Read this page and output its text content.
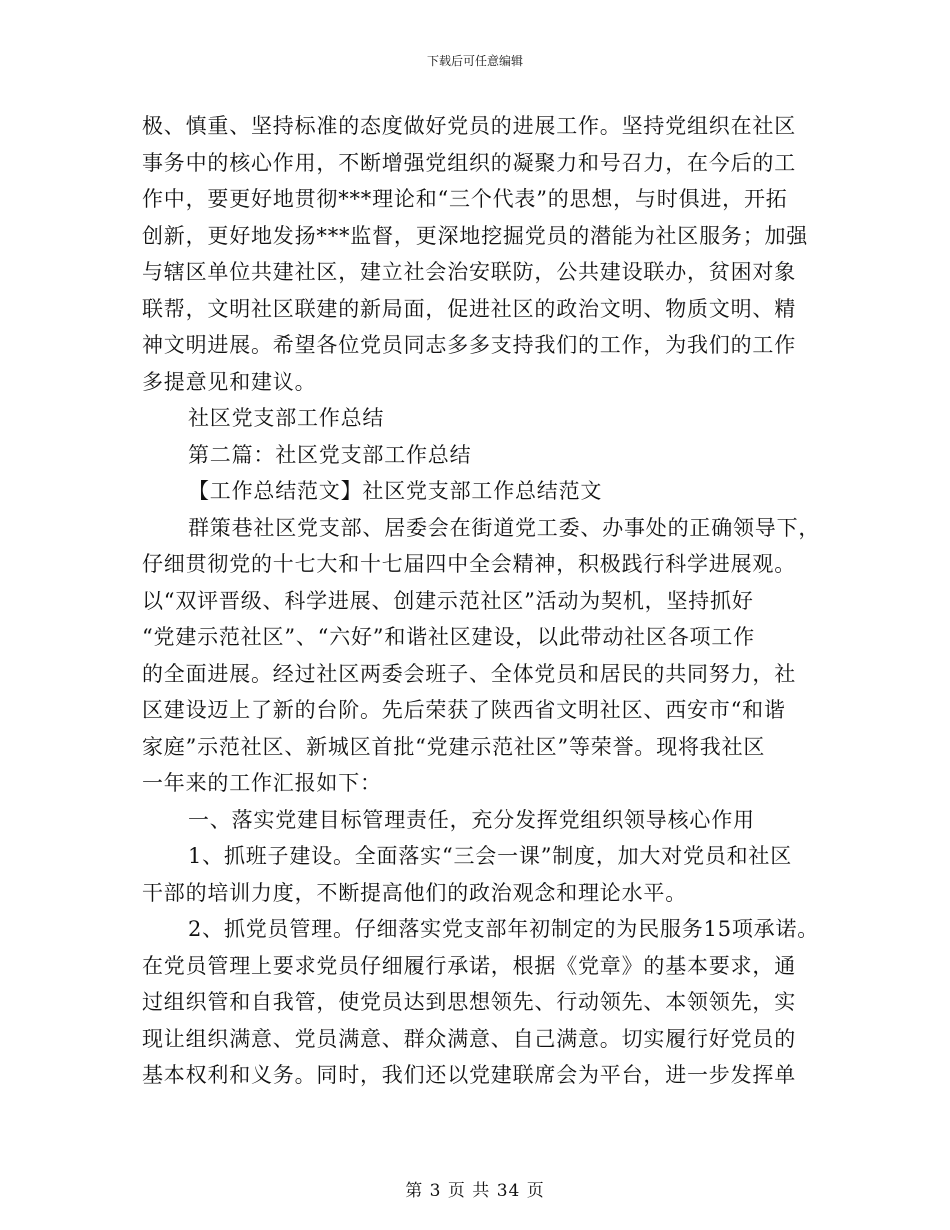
下载后可任意编辑
极、慎重、坚持标准的态度做好党员的进展工作。坚持党组织在社区
事务中的核心作用，不断增强党组织的凝聚力和号召力，在今后的工
作中，要更好地贯彻***理论和“三个代表”的思想，与时俱进，开拓
创新，更好地发扬***监督，更深地挖掘党员的潜能为社区服务；加强
与辖区单位共建社区，建立社会治安联防，公共建设联办，贫困对象
联帮，文明社区联建的新局面，促进社区的政治文明、物质文明、精
神文明进展。希望各位党员同志多多支持我们的工作，为我们的工作
多提意见和建议。
社区党支部工作总结
第二篇：社区党支部工作总结
【工作总结范文】社区党支部工作总结范文
群策巷社区党支部、居委会在街道党工委、办事处的正确领导下，
仔细贯彻党的十七大和十七届四中全会精神，积极践行科学进展观。
以“双评晋级、科学进展、创建示范社区”活动为契机，坚持抓好
“党建示范社区”、“六好”和谐社区建设，以此带动社区各项工作
的全面进展。经过社区两委会班子、全体党员和居民的共同努力，社
区建设迈上了新的台阶。先后荣获了陕西省文明社区、西安市“和谐
家庭”示范社区、新城区首批“党建示范社区”等荣誉。现将我社区
一年来的工作汇报如下：
一、落实党建目标管理责任，充分发挥党组织领导核心作用
1、抓班子建设。全面落实“三会一课”制度，加大对党员和社区
干部的培训力度，不断提高他们的政治观念和理论水平。
2、抓党员管理。仔细落实党支部年初制定的为民服务15项承诺。
在党员管理上要求党员仔细履行承诺，根据《党章》的基本要求，通
过组织管和自我管，使党员达到思想领先、行动领先、本领领先，实
现让组织满意、党员满意、群众满意、自己满意。切实履行好党员的
基本权利和义务。同时，我们还以党建联席会为平台，进一步发挥单
第 3 页 共 34 页
